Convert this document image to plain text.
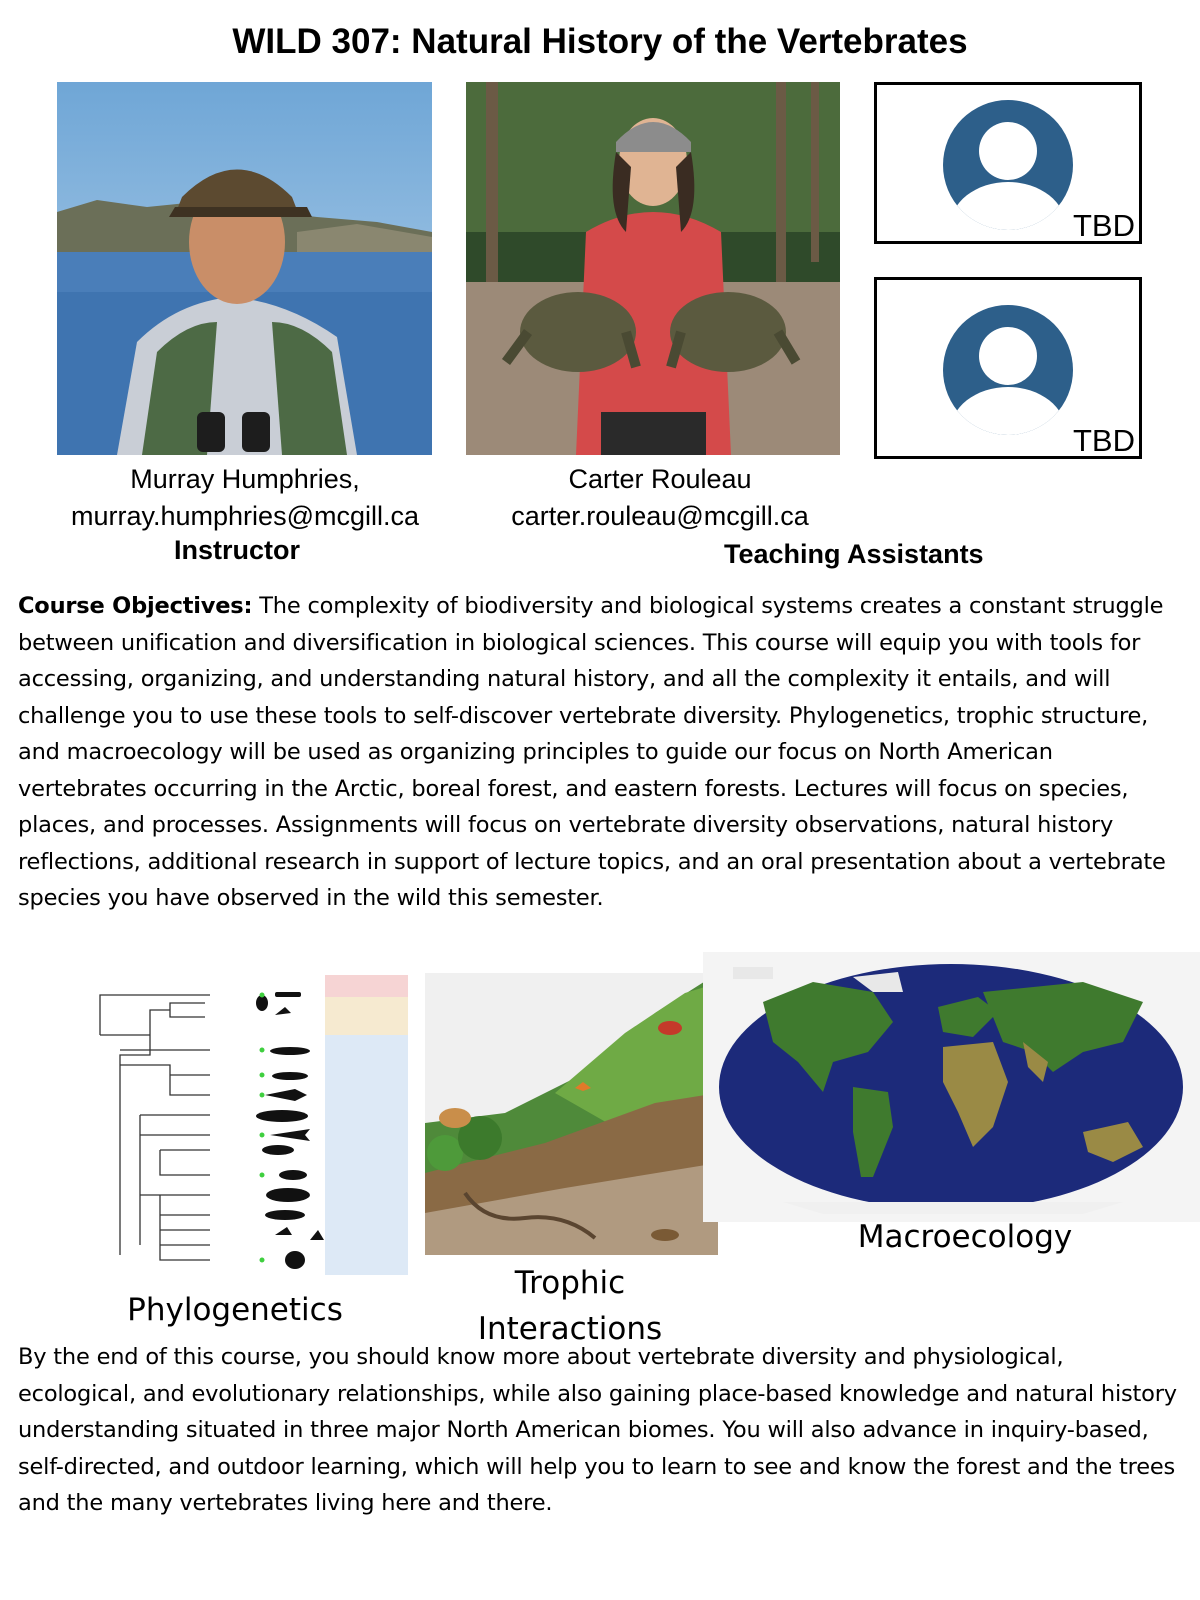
WILD 307: Natural History of the Vertebrates
TBD
TBD
Murray Humphries,
murray.humphries@mcgill.ca
Instructor
Carter Rouleau
carter.rouleau@mcgill.ca
Teaching Assistants
Course Objectives: The complexity of biodiversity and biological systems creates a constant struggle between unification and diversification in biological sciences. This course will equip you with tools for accessing, organizing, and understanding natural history, and all the complexity it entails, and will challenge you to use these tools to self-discover vertebrate diversity. Phylogenetics, trophic structure, and macroecology will be used as organizing principles to guide our focus on North American vertebrates occurring in the Arctic, boreal forest, and eastern forests. Lectures will focus on species, places, and processes. Assignments will focus on vertebrate diversity observations, natural history reflections, additional research in support of lecture topics, and an oral presentation about a vertebrate species you have observed in the wild this semester.
Phylogenetics
Trophic
Interactions
Macroecology
By the end of this course, you should know more about vertebrate diversity and physiological, ecological, and evolutionary relationships, while also gaining place-based knowledge and natural history understanding situated in three major North American biomes. You will also advance in inquiry-based, self-directed, and outdoor learning, which will help you to learn to see and know the forest and the trees and the many vertebrates living here and there.
